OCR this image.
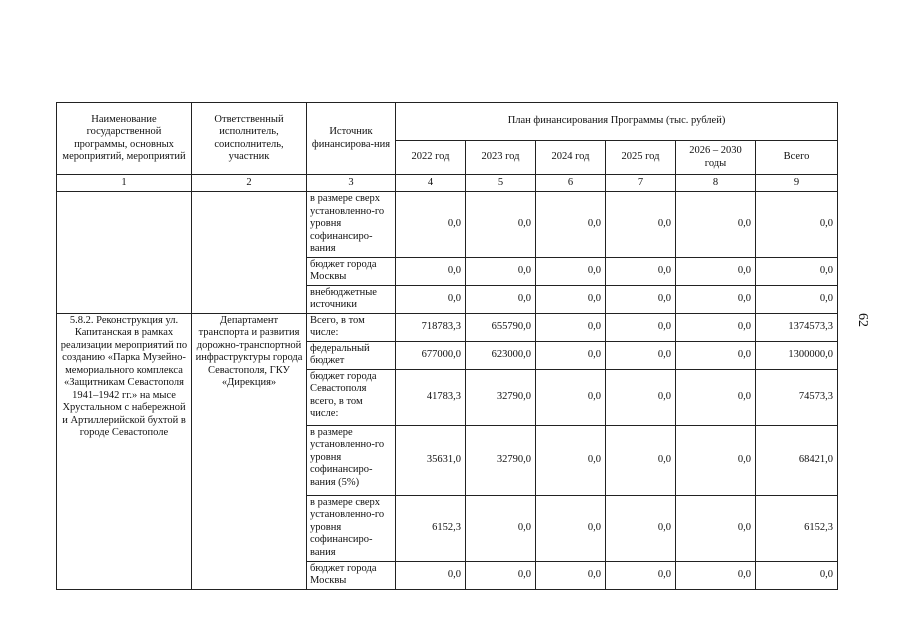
62
Наименование государственной программы, основных мероприятий, мероприятий	Ответственный исполнитель, соисполнитель, участник	Источник финансирова-ния	План финансирования Программы (тыс. рублей)					
			2022 год	2023 год	2024 год	2025 год	2026 – 2030 годы	Всего
1	2	3	4	5	6	7	8	9
		в размере сверх установленно-го уровня софинансиро-вания	0,0	0,0	0,0	0,0	0,0	0,0
		бюджет города Москвы	0,0	0,0	0,0	0,0	0,0	0,0
		внебюджетные источники	0,0	0,0	0,0	0,0	0,0	0,0
5.8.2. Реконструкция ул. Капитанская в рамках реализации мероприятий по созданию «Парка Музейно-мемориального комплекса «Защитникам Севастополя 1941–1942 гг.» на мысе Хрустальном с набережной и Артиллерийской бухтой в городе Севастополе	Департамент транспорта и развития дорожно-транспортной инфраструктуры города Севастополя, ГКУ «Дирекция»	Всего, в том числе:	718783,3	655790,0	0,0	0,0	0,0	1374573,3
		федеральный бюджет	677000,0	623000,0	0,0	0,0	0,0	1300000,0
		бюджет города Севастополя всего, в том числе:	41783,3	32790,0	0,0	0,0	0,0	74573,3
		в размере установленно-го уровня софинансиро-вания (5%)	35631,0	32790,0	0,0	0,0	0,0	68421,0
		в размере сверх установленно-го уровня софинансиро-вания	6152,3	0,0	0,0	0,0	0,0	6152,3
		бюджет города Москвы	0,0	0,0	0,0	0,0	0,0	0,0
